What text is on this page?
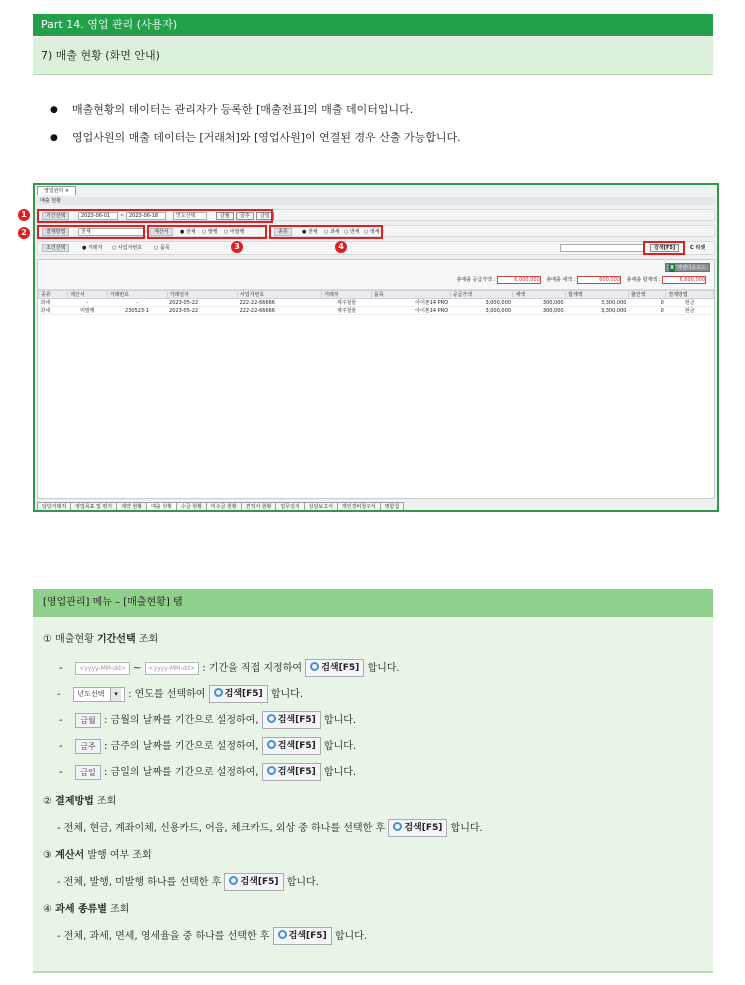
Part 14. 영업 관리 (사용자)
7) 매출 현황 (화면 안내)
● 매출현황의 데이터는 관리자가 등록한 [매출전표]의 매출 데이터입니다.
● 영업사원의 매출 데이터는 [거래처]와 [영업사원]이 연결된 경우 산출 가능합니다.
영업관리 ×
매출 현황
기간선택	2023-06-01	~ 2023-06-18	연도선택	금월	금주	금일
결제방법	전체	계산서	● 전체 ○ 발행 ○ 미발행	종류	● 전체 ○ 과세 ○ 면세 ○ 영세율
조건선택	● 거래처 ○ 사업자번호 ○ 품목	검색[F5]	C 리셋
X 엑셀다운로드
총매출 공급가액 :	6,000,000 총매출 세액 :	600,000 총매출 합계액 :	6,600,000
종류	계산서	거래번호	거래일자	사업자번호	거래처	품목	공급가액	세액	합계액	할인액	결제방법
과세	-	-	2023-05-22	222-22-66666	제주철물	아이폰14 PRO	3,000,000	300,000	3,300,000	0	현금
과세	미발행	230523-1	2023-05-22	222-22-66666	제주철물	아이폰14 PRO	3,000,000	300,000	3,300,000	0	현금
담당거래처 영업목표 및 평가 계약 현황 매출 현황 수금 현황 미수금 현황 견적서 현황 업무일지 상담보고서 개인경비청구서 명함첩
1
2
3	4
[영업관리] 메뉴 – [매출현황] 탭
① 매출현황 기간선택 조회
-	<yyyy-MM-dd> ~ <yyyy-MM-dd> : 기간을 직접 지정하여 검색[F5] 합니다.
- 년도선택 ▾ : 연도를 선택하여 검색[F5] 합니다.
- 금월 : 금월의 날짜를 기간으로 설정하여, 검색[F5] 합니다.
- 금주 : 금주의 날짜를 기간으로 설정하여, 검색[F5] 합니다.
- 금일 : 금일의 날짜를 기간으로 설정하여, 검색[F5] 합니다.
② 결제방법 조회
- 전체, 현금, 계좌이체, 신용카드, 어음, 체크카드, 외상 중 하나를 선택한 후 검색[F5] 합니다.
③ 계산서 발행 여부 조회
- 전체, 발행, 미발행 하나를 선택한 후 검색[F5] 합니다.
④ 과세 종류별 조회
- 전체, 과세, 면세, 영세율을 중 하나를 선택한 후 검색[F5] 합니다.
